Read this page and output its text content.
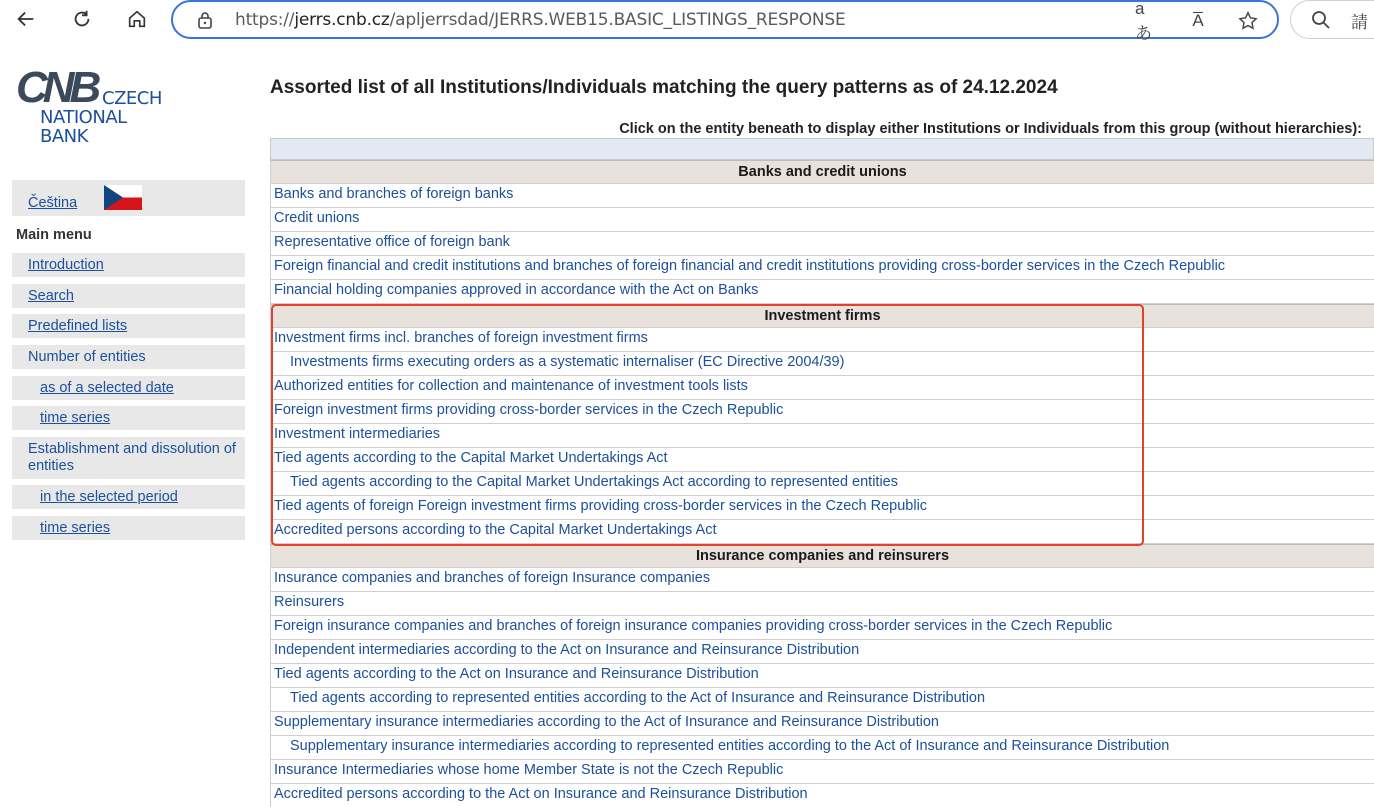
https://jerrs.cnb.cz/apljerrsdad/JERRS.WEB15.BASIC_LISTINGS_RESPONSE
aあ
A̅	請
CNB CZECH
NATIONAL
BANK
Čeština
Main menu
Introduction
Search
Predefined lists
Number of entities
as of a selected date
time series
Establishment and dissolution of entities
in the selected period
time series
Assorted list of all Institutions/Individuals matching the query patterns as of 24.12.2024
Click on the entity beneath to display either Institutions or Individuals from this group (without hierarchies):
Banks and credit unions
Banks and branches of foreign banks
Credit unions
Representative office of foreign bank
Foreign financial and credit institutions and branches of foreign financial and credit institutions providing cross-border services in the Czech Republic
Financial holding companies approved in accordance with the Act on Banks
Investment firms
Investment firms incl. branches of foreign investment firms
Investments firms executing orders as a systematic internaliser (EC Directive 2004/39)
Authorized entities for collection and maintenance of investment tools lists
Foreign investment firms providing cross-border services in the Czech Republic
Investment intermediaries
Tied agents according to the Capital Market Undertakings Act
Tied agents according to the Capital Market Undertakings Act according to represented entities
Tied agents of foreign Foreign investment firms providing cross-border services in the Czech Republic
Accredited persons according to the Capital Market Undertakings Act
Insurance companies and reinsurers
Insurance companies and branches of foreign Insurance companies
Reinsurers
Foreign insurance companies and branches of foreign insurance companies providing cross-border services in the Czech Republic
Independent intermediaries according to the Act on Insurance and Reinsurance Distribution
Tied agents according to the Act on Insurance and Reinsurance Distribution
Tied agents according to represented entities according to the Act of Insurance and Reinsurance Distribution
Supplementary insurance intermediaries according to the Act of Insurance and Reinsurance Distribution
Supplementary insurance intermediaries according to represented entities according to the Act of Insurance and Reinsurance Distribution
Insurance Intermediaries whose home Member State is not the Czech Republic
Accredited persons according to the Act on Insurance and Reinsurance Distribution
